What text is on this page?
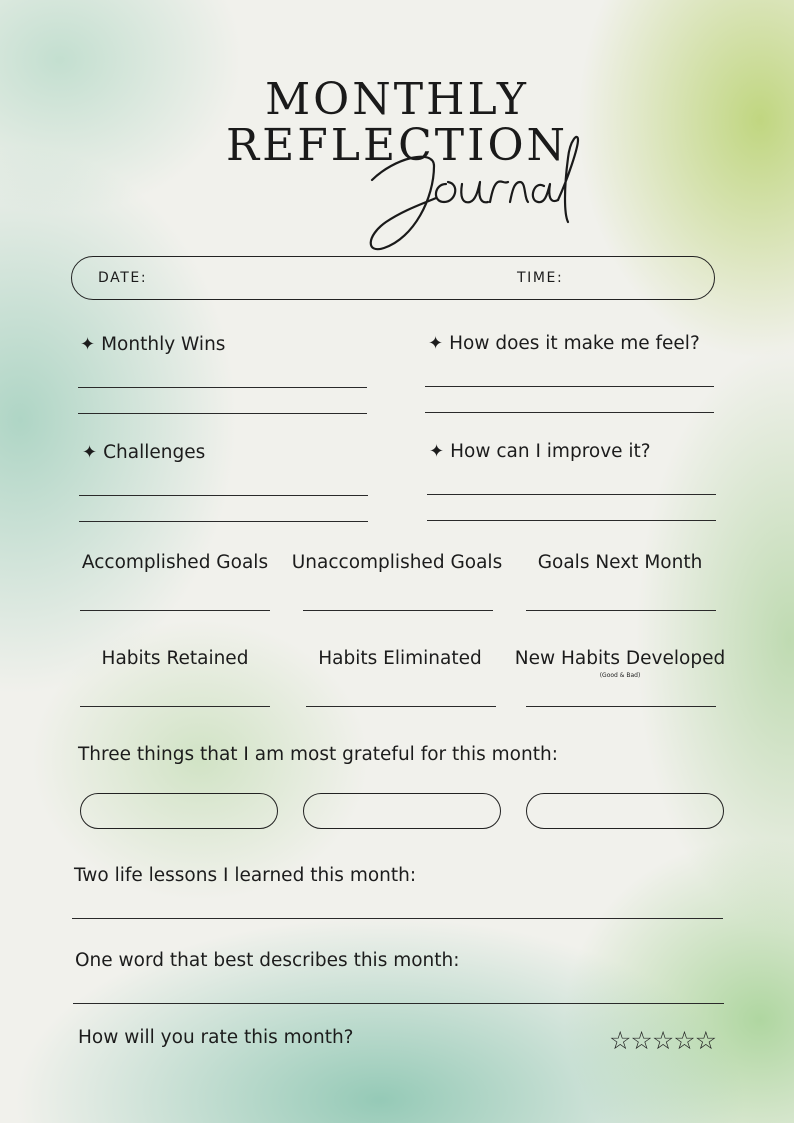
MONTHLY
REFLECTION
DATE:	TIME:
✦ Monthly Wins	✦ How does it make me feel?
✦ Challenges	✦ How can I improve it?
Accomplished Goals	Unaccomplished Goals	Goals Next Month
Habits Retained	Habits Eliminated	New Habits Developed
(Good & Bad)
Three things that I am most grateful for this month:
Two life lessons I learned this month:
One word that best describes this month:
How will you rate this month?	☆☆☆☆☆
